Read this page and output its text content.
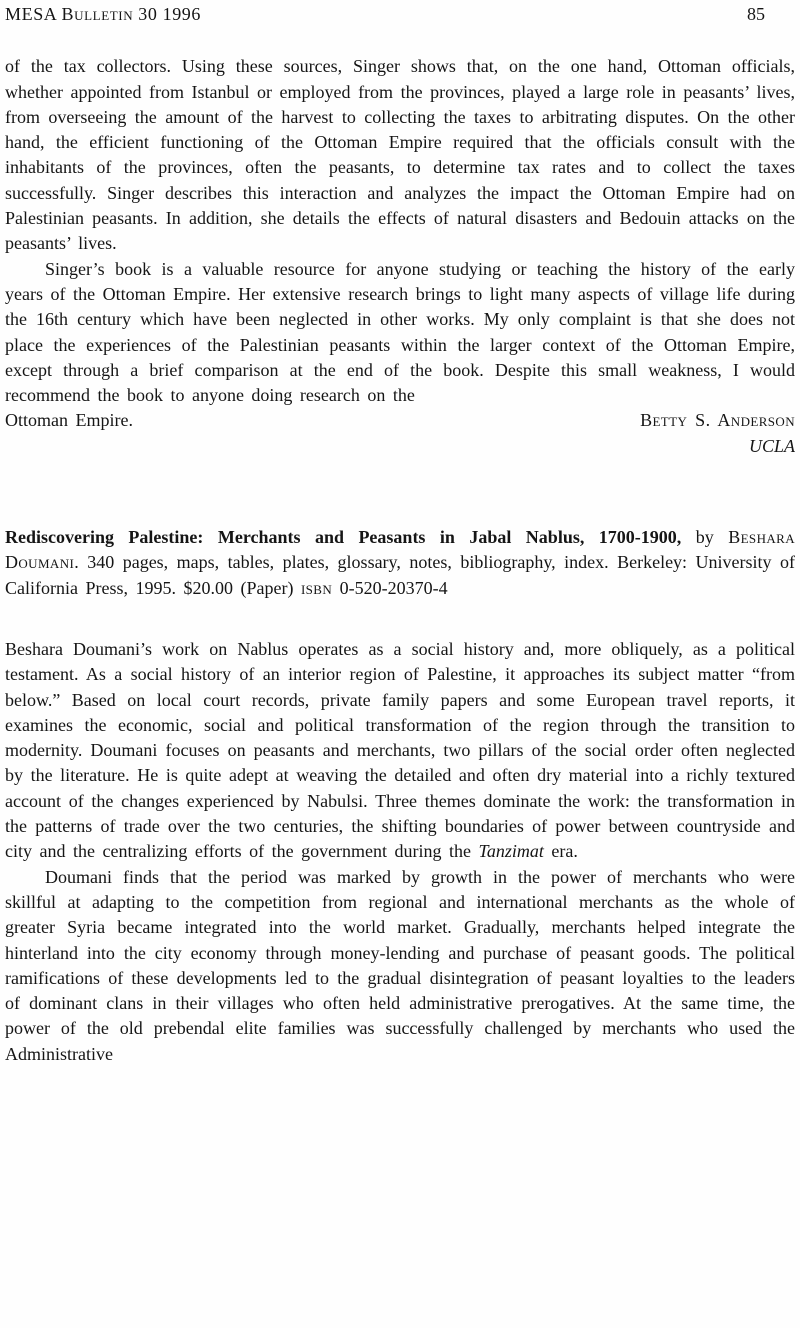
MESA Bulletin 30 1996	85

of the tax collectors. Using these sources, Singer shows that, on the one hand, Ottoman officials, whether appointed from Istanbul or employed from the provinces, played a large role in peasants’ lives, from overseeing the amount of the harvest to collecting the taxes to arbitrating disputes. On the other hand, the efficient functioning of the Ottoman Empire required that the officials consult with the inhabitants of the provinces, often the peasants, to determine tax rates and to collect the taxes successfully. Singer describes this interaction and analyzes the impact the Ottoman Empire had on Palestinian peasants. In addition, she details the effects of natural disasters and Bedouin attacks on the peasants’ lives.

Singer’s book is a valuable resource for anyone studying or teaching the history of the early years of the Ottoman Empire. Her extensive research brings to light many aspects of village life during the 16th century which have been neglected in other works. My only complaint is that she does not place the experiences of the Palestinian peasants within the larger context of the Ottoman Empire, except through a brief comparison at the end of the book. Despite this small weakness, I would recommend the book to anyone doing research on the

Ottoman Empire.	Betty S. Anderson
UCLA

Rediscovering Palestine: Merchants and Peasants in Jabal Nablus, 1700-1900, by Beshara Doumani. 340 pages, maps, tables, plates, glossary, notes, bibliography, index. Berkeley: University of California Press, 1995. $20.00 (Paper) isbn 0-520-20370-4

Beshara Doumani’s work on Nablus operates as a social history and, more obliquely, as a political testament. As a social history of an interior region of Palestine, it approaches its subject matter “from below.” Based on local court records, private family papers and some European travel reports, it examines the economic, social and political transformation of the region through the transition to modernity. Doumani focuses on peasants and merchants, two pillars of the social order often neglected by the literature. He is quite adept at weaving the detailed and often dry material into a richly textured account of the changes experienced by Nabulsi. Three themes dominate the work: the transformation in the patterns of trade over the two centuries, the shifting boundaries of power between countryside and city and the centralizing efforts of the government during the Tanzimat era.

Doumani finds that the period was marked by growth in the power of merchants who were skillful at adapting to the competition from regional and international merchants as the whole of greater Syria became integrated into the world market. Gradually, merchants helped integrate the hinterland into the city economy through money-lending and purchase of peasant goods. The political ramifications of these developments led to the gradual disintegration of peasant loyalties to the leaders of dominant clans in their villages who often held administrative prerogatives. At the same time, the power of the old prebendal elite families was successfully challenged by merchants who used the Administrative
